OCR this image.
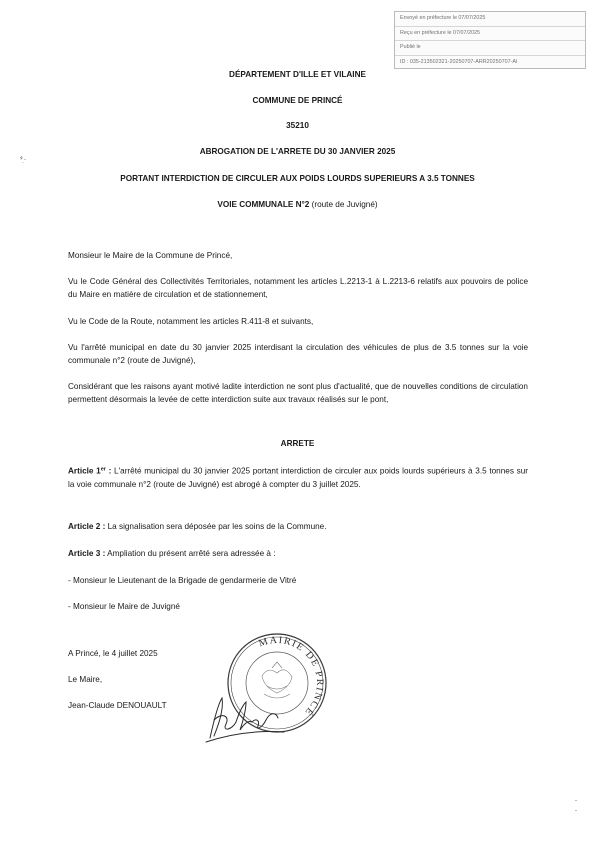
Envoyé en préfecture le 07/07/2025
Reçu en préfecture le 07/07/2025
Publié le
ID : 035-213502321-20250707-ARR20250707-AI
⸗
·ˊ
-
-
DÉPARTEMENT D'ILLE ET VILAINE
COMMUNE DE PRINCÉ
35210
ABROGATION DE L'ARRETE DU 30 JANVIER 2025
PORTANT INTERDICTION DE CIRCULER AUX POIDS LOURDS SUPERIEURS A 3.5 TONNES
VOIE COMMUNALE N°2 (route de Juvigné)
Monsieur le Maire de la Commune de Princé,
Vu le Code Général des Collectivités Territoriales, notamment les articles L.2213-1 à L.2213-6 relatifs aux pouvoirs de police du Maire en matière de circulation et de stationnement,
Vu le Code de la Route, notamment les articles R.411-8 et suivants,
Vu l'arrêté municipal en date du 30 janvier 2025 interdisant la circulation des véhicules de plus de 3.5 tonnes sur la voie communale n°2 (route de Juvigné),
Considérant que les raisons ayant motivé ladite interdiction ne sont plus d'actualité, que de nouvelles conditions de circulation permettent désormais la levée de cette interdiction suite aux travaux réalisés sur le pont,
ARRETE
Article 1er : L'arrêté municipal du 30 janvier 2025 portant interdiction de circuler aux poids lourds supérieurs à 3.5 tonnes sur la voie communale n°2 (route de Juvigné) est abrogé à compter du 3 juillet 2025.
Article 2 : La signalisation sera déposée par les soins de la Commune.
Article 3 : Ampliation du présent arrêté sera adressée à :
- Monsieur le Lieutenant de la Brigade de gendarmerie de Vitré
- Monsieur le Maire de Juvigné
A Princé, le 4 juillet 2025
Le Maire,
Jean-Claude DENOUAULT
MAIRIE DE PRINCÉ
